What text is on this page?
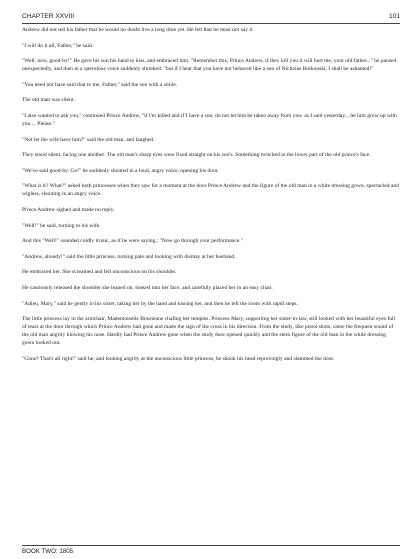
CHAPTER XXVIII	101

Andrew did not tell his father that he would no doubt live a long time yet. He felt that he must not say it.

"I will do it all, Father," he said.

"Well, now, good-by!" He gave his son his hand to kiss, and embraced him. "Remember this, Prince Andrew, if they kill you it will hurt me, your old father..." he paused unexpectedly, and then in a querulous voice suddenly shrieked: "but if I hear that you have not behaved like a son of Nicholas Bolkonski, I shall be ashamed!"

"You need not have said that to me, Father," said the son with a smile.

The old man was silent.

"I also wanted to ask you," continued Prince Andrew, "if I'm killed and if I have a son, do not let him be taken away from you- as I said yesterday... let him grow up with you.... Please."

"Not let the wife have him?" said the old man, and laughed.

They stood silent, facing one another. The old man's sharp eyes were fixed straight on his son's. Something twitched in the lower part of the old prince's face.

"We've said good-by. Go!" he suddenly shouted in a loud, angry voice, opening his door.

"What is it? What?" asked both princesses when they saw for a moment at the door Prince Andrew and the figure of the old man in a white dressing gown, spectacled and wigless, shouting in an angry voice.

Prince Andrew sighed and made no reply.

"Well!" he said, turning to his wife.

And this "Well!" sounded coldly ironic, as if he were saying,: "Now go through your performance."

"Andrew, already!" said the little princess, turning pale and looking with dismay at her husband.

He embraced her. She screamed and fell unconscious on his shoulder.

He cautiously released the shoulder she leaned on, looked into her face, and carefully placed her in an easy chair.

"Adieu, Mary," said he gently to his sister, taking her by the hand and kissing her, and then he left the room with rapid steps.

The little princess lay in the armchair, Mademoiselle Bourienne chafing her temples. Princess Mary, supporting her sister-in-law, still looked with her beautiful eyes full of tears at the door through which Prince Andrew had gone and made the sign of the cross in his direction. From the study, like pistol shots, came the frequent sound of the old man angrily blowing his nose. Hardly had Prince Andrew gone when the study door opened quickly and the stern figure of the old man in the white dressing gown looked out.

"Gone? That's all right!" said he; and looking angrily at the unconscious little princess, he shook his head reprovingly and slammed the door.

BOOK TWO: 1805
